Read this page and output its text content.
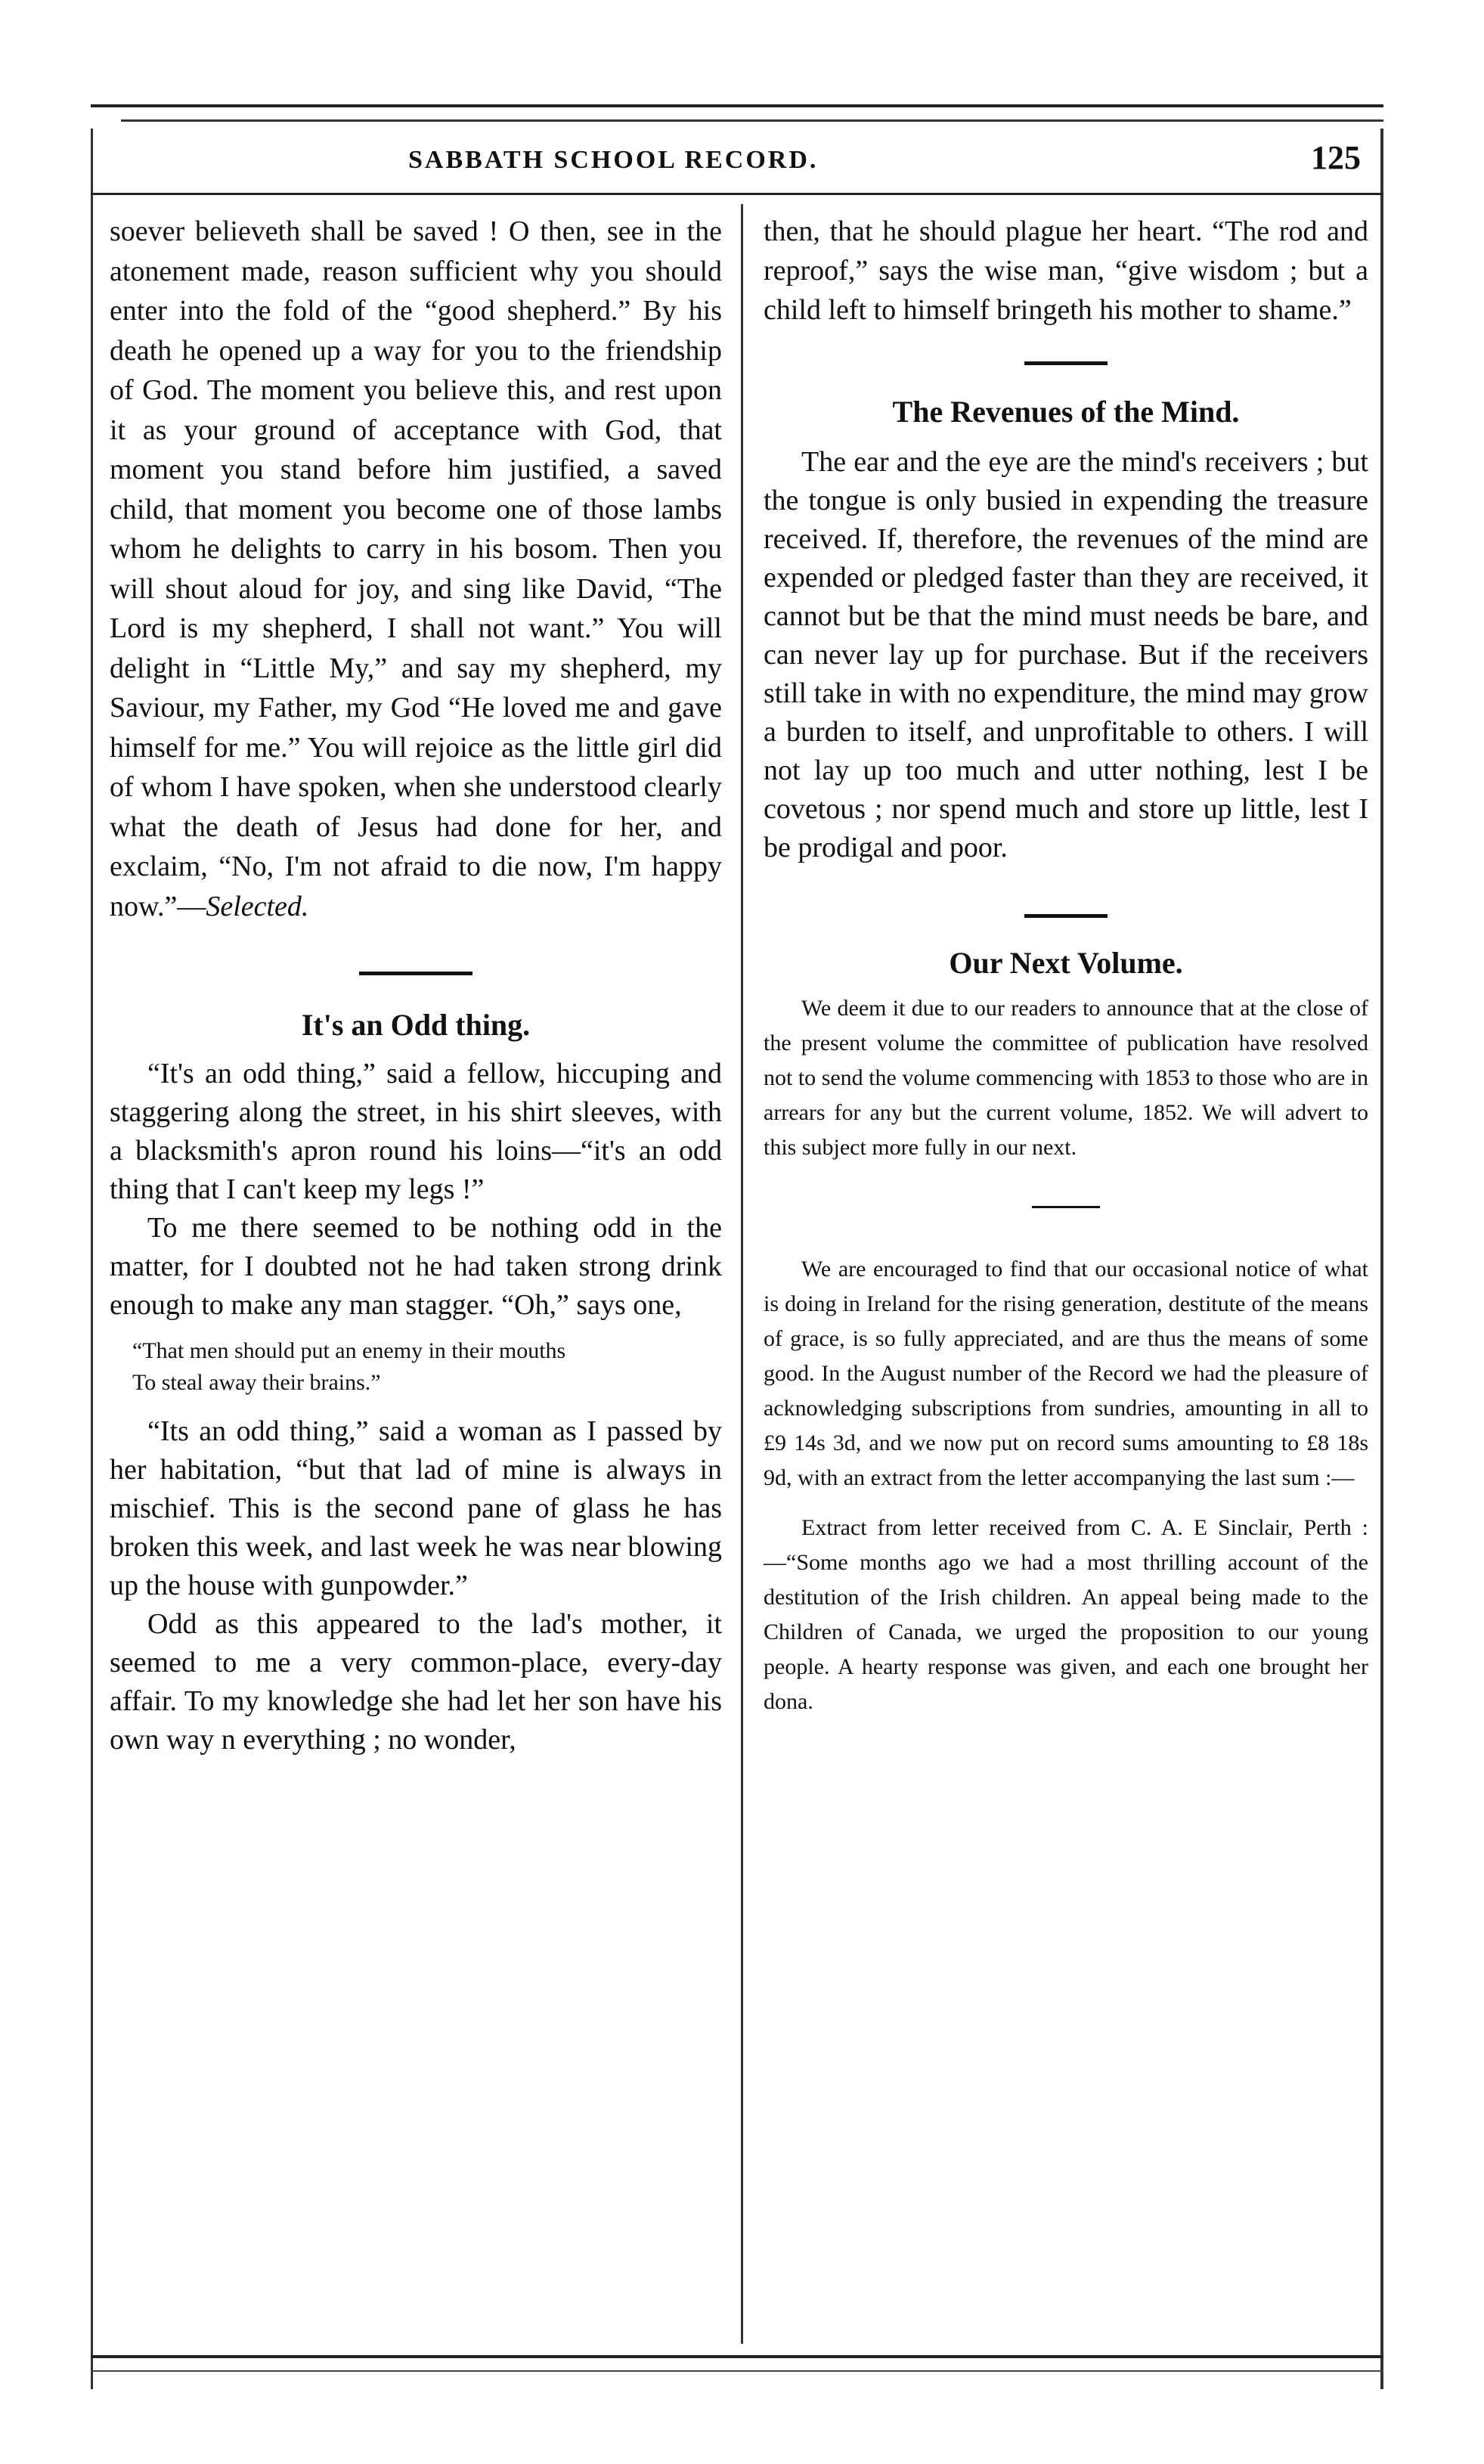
SABBATH SCHOOL RECORD.	125

soever believeth shall be saved ! O then, see in the atonement made, reason sufficient why you should enter into the fold of the “good shepherd.” By his death he opened up a way for you to the friendship of God. The moment you believe this, and rest upon it as your ground of acceptance with God, that moment you stand before him justified, a saved child, that moment you become one of those lambs whom he delights to carry in his bosom. Then you will shout aloud for joy, and sing like David, “The Lord is my shepherd, I shall not want.” You will delight in “Little My,” and say my shepherd, my Saviour, my Father, my God “He loved me and gave himself for me.” You will rejoice as the little girl did of whom I have spoken, when she understood clearly what the death of Jesus had done for her, and exclaim, “No, I'm not afraid to die now, I'm happy now.”—Selected.

It's an Odd thing.

“It's an odd thing,” said a fellow, hiccuping and staggering along the street, in his shirt sleeves, with a blacksmith's apron round his loins—“it's an odd thing that I can't keep my legs !”

To me there seemed to be nothing odd in the matter, for I doubted not he had taken strong drink enough to make any man stagger. “Oh,” says one,

“That men should put an enemy in their mouths

To steal away their brains.”

“Its an odd thing,” said a woman as I passed by her habitation, “but that lad of mine is always in mischief. This is the second pane of glass he has broken this week, and last week he was near blowing up the house with gunpowder.”

Odd as this appeared to the lad's mother, it seemed to me a very common-place, every-day affair. To my knowledge she had let her son have his own way n everything ; no wonder,

then, that he should plague her heart. “The rod and reproof,” says the wise man, “give wisdom ; but a child left to himself bringeth his mother to shame.”

The Revenues of the Mind.

The ear and the eye are the mind's receivers ; but the tongue is only busied in expending the treasure received. If, therefore, the revenues of the mind are expended or pledged faster than they are received, it cannot but be that the mind must needs be bare, and can never lay up for purchase. But if the receivers still take in with no expenditure, the mind may grow a burden to itself, and unprofitable to others. I will not lay up too much and utter nothing, lest I be covetous ; nor spend much and store up little, lest I be prodigal and poor.

Our Next Volume.

We deem it due to our readers to announce that at the close of the present volume the committee of publication have resolved not to send the volume commencing with 1853 to those who are in arrears for any but the current volume, 1852. We will advert to this subject more fully in our next.

We are encouraged to find that our occasional notice of what is doing in Ireland for the rising generation, destitute of the means of grace, is so fully appreciated, and are thus the means of some good. In the August number of the Record we had the pleasure of acknowledging subscriptions from sundries, amounting in all to £9 14s 3d, and we now put on record sums amounting to £8 18s 9d, with an extract from the letter accompanying the last sum :—

Extract from letter received from C. A. E Sinclair, Perth :—“Some months ago we had a most thrilling account of the destitution of the Irish children. An appeal being made to the Children of Canada, we urged the proposition to our young people. A hearty response was given, and each one brought her dona.
